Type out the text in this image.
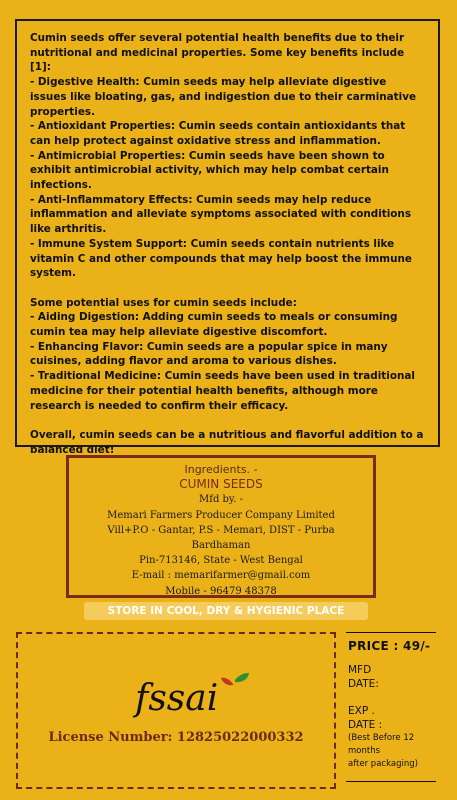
Cumin seeds offer several potential health benefits due to their nutritional and medicinal properties. Some key benefits include [1]:

- Digestive Health: Cumin seeds may help alleviate digestive issues like bloating, gas, and indigestion due to their carminative properties.

- Antioxidant Properties: Cumin seeds contain antioxidants that can help protect against oxidative stress and inflammation.

- Antimicrobial Properties: Cumin seeds have been shown to exhibit antimicrobial activity, which may help combat certain infections.

- Anti-Inflammatory Effects: Cumin seeds may help reduce inflammation and alleviate symptoms associated with conditions like arthritis.

- Immune System Support: Cumin seeds contain nutrients like vitamin C and other compounds that may help boost the immune system.

Some potential uses for cumin seeds include:

- Aiding Digestion: Adding cumin seeds to meals or consuming cumin tea may help alleviate digestive discomfort.

- Enhancing Flavor: Cumin seeds are a popular spice in many cuisines, adding flavor and aroma to various dishes.

- Traditional Medicine: Cumin seeds have been used in traditional medicine for their potential health benefits, although more research is needed to confirm their efficacy.

Overall, cumin seeds can be a nutritious and flavorful addition to a balanced diet!

Ingredients. -
CUMIN SEEDS
Mfd by. -
Memari Farmers Producer Company Limited
Vill+P.O - Gantar, P.S - Memari, DIST - Purba
Bardhaman
Pin-713146, State - West Bengal
E-mail : memarifarmer@gmail.com
Mobile - 96479 48378
STORE IN COOL, DRY & HYGIENIC PLACE
fssai
License Number: 12825022000332
PRICE : 49/-
MFD
DATE:
EXP .
DATE :
(Best Before 12 months
after packaging)
